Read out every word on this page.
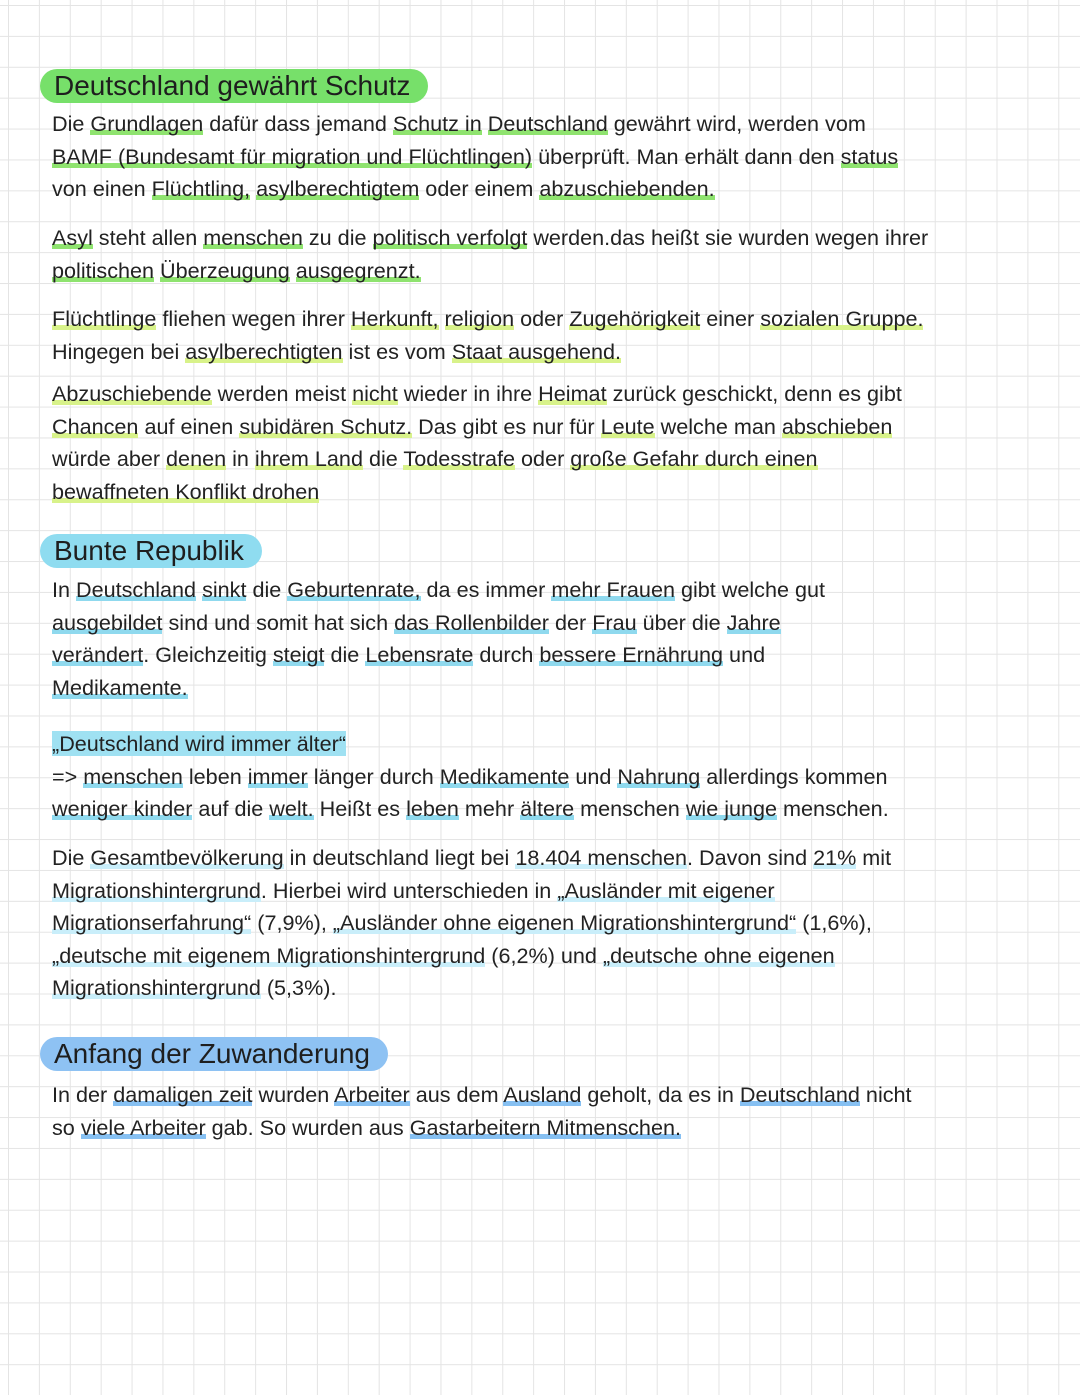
Deutschland gewährt Schutz

Die Grundlagen dafür dass jemand Schutz in Deutschland gewährt wird, werden vom
BAMF (Bundesamt für migration und Flüchtlingen) überprüft. Man erhält dann den status
von einen Flüchtling, asylberechtigtem oder einem abzuschiebenden.

Asyl steht allen menschen zu die politisch verfolgt werden.das heißt sie wurden wegen ihrer
politischen Überzeugung ausgegrenzt.

Flüchtlinge fliehen wegen ihrer Herkunft, religion oder Zugehörigkeit einer sozialen Gruppe.
Hingegen bei asylberechtigten ist es vom Staat ausgehend.

Abzuschiebende werden meist nicht wieder in ihre Heimat zurück geschickt, denn es gibt
Chancen auf einen subidären Schutz. Das gibt es nur für Leute welche man abschieben
würde aber denen in ihrem Land die Todesstrafe oder große Gefahr durch einen
bewaffneten Konflikt drohen

Bunte Republik

In Deutschland sinkt die Geburtenrate, da es immer mehr Frauen gibt welche gut
ausgebildet sind und somit hat sich das Rollenbilder der Frau über die Jahre
verändert. Gleichzeitig steigt die Lebensrate durch bessere Ernährung und
Medikamente.

„Deutschland wird immer älter“
=> menschen leben immer länger durch Medikamente und Nahrung allerdings kommen
weniger kinder auf die welt. Heißt es leben mehr ältere menschen wie junge menschen.

Die Gesamtbevölkerung in deutschland liegt bei 18.404 menschen. Davon sind 21% mit
Migrationshintergrund. Hierbei wird unterschieden in „Ausländer mit eigener
Migrationserfahrung“ (7,9%), „Ausländer ohne eigenen Migrationshintergrund“ (1,6%),
„deutsche mit eigenem Migrationshintergrund (6,2%) und „deutsche ohne eigenen
Migrationshintergrund (5,3%).

Anfang der Zuwanderung

In der damaligen zeit wurden Arbeiter aus dem Ausland geholt, da es in Deutschland nicht
so viele Arbeiter gab. So wurden aus Gastarbeitern Mitmenschen.
